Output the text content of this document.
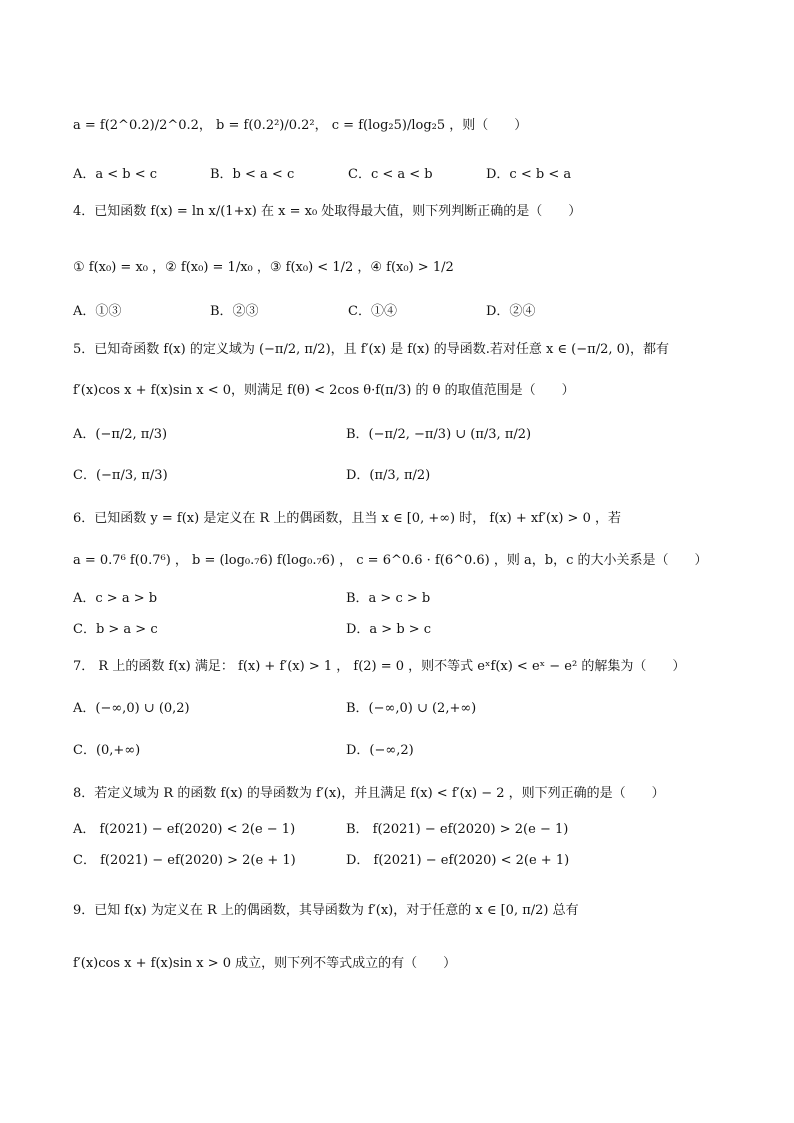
a = f(2^0.2)/2^0.2， b = f(0.2²)/0.2²， c = f(log₂5)/log₂5 ，则（　　）
A．a < b < c	B．b < a < c	C．c < a < b	D．c < b < a
4．已知函数 f(x) = ln x/(1+x) 在 x = x₀ 处取得最大值，则下列判断正确的是（　　）
① f(x₀) = x₀ ，② f(x₀) = 1/x₀ ，③ f(x₀) < 1/2 ，④ f(x₀) > 1/2
A．①③	B．②③	C．①④	D．②④
5．已知奇函数 f(x) 的定义域为 (−π/2, π/2)，且 f′(x) 是 f(x) 的导函数.若对任意 x ∈ (−π/2, 0)，都有
f′(x)cos x + f(x)sin x < 0，则满足 f(θ) < 2cos θ·f(π/3) 的 θ 的取值范围是（　　）
A．(−π/2, π/3)	B．(−π/2, −π/3) ∪ (π/3, π/2)
C．(−π/3, π/3)	D．(π/3, π/2)
6．已知函数 y = f(x) 是定义在 R 上的偶函数，且当 x ∈ [0, +∞) 时， f(x) + xf′(x) > 0 ，若
a = 0.7⁶ f(0.7⁶) ， b = (log₀.₇6) f(log₀.₇6) ， c = 6^0.6 · f(6^0.6) ，则 a，b，c 的大小关系是（　　）
A．c > a > b	B．a > c > b
C．b > a > c	D．a > b > c
7． R 上的函数 f(x) 满足： f(x) + f′(x) > 1 ， f(2) = 0 ，则不等式 eˣf(x) < eˣ − e² 的解集为（　　）
A．(−∞,0) ∪ (0,2)	B．(−∞,0) ∪ (2,+∞)
C．(0,+∞)	D．(−∞,2)
8．若定义域为 R 的函数 f(x) 的导函数为 f′(x)，并且满足 f(x) < f′(x) − 2 ，则下列正确的是（　　）
A． f(2021) − ef(2020) < 2(e − 1)	B． f(2021) − ef(2020) > 2(e − 1)
C． f(2021) − ef(2020) > 2(e + 1)	D． f(2021) − ef(2020) < 2(e + 1)
9．已知 f(x) 为定义在 R 上的偶函数，其导函数为 f′(x)，对于任意的 x ∈ [0, π/2) 总有
f′(x)cos x + f(x)sin x > 0 成立，则下列不等式成立的有（　　）
